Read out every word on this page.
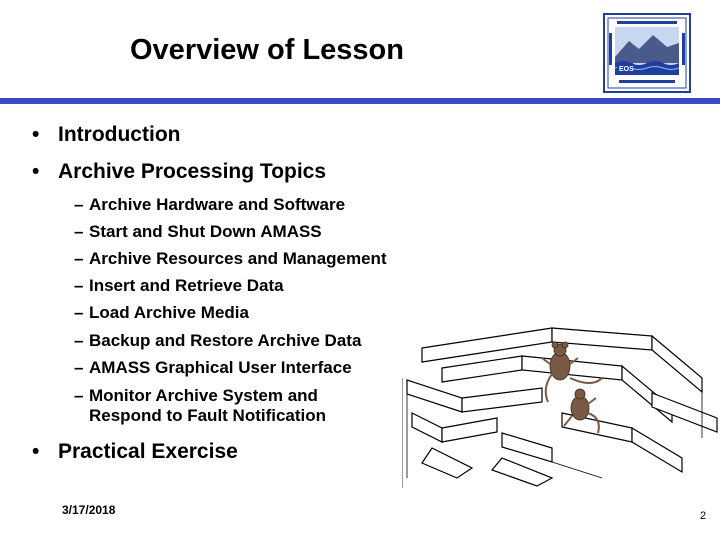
Overview of Lesson
EOS
• Introduction
• Archive Processing Topics
– Archive Hardware and Software
– Start and Shut Down AMASS
– Archive Resources and Management
– Insert and Retrieve Data
– Load Archive Media
– Backup and Restore Archive Data
– AMASS Graphical User Interface
– Monitor Archive System and
Respond to Fault Notification
• Practical Exercise
3/17/2018	2
